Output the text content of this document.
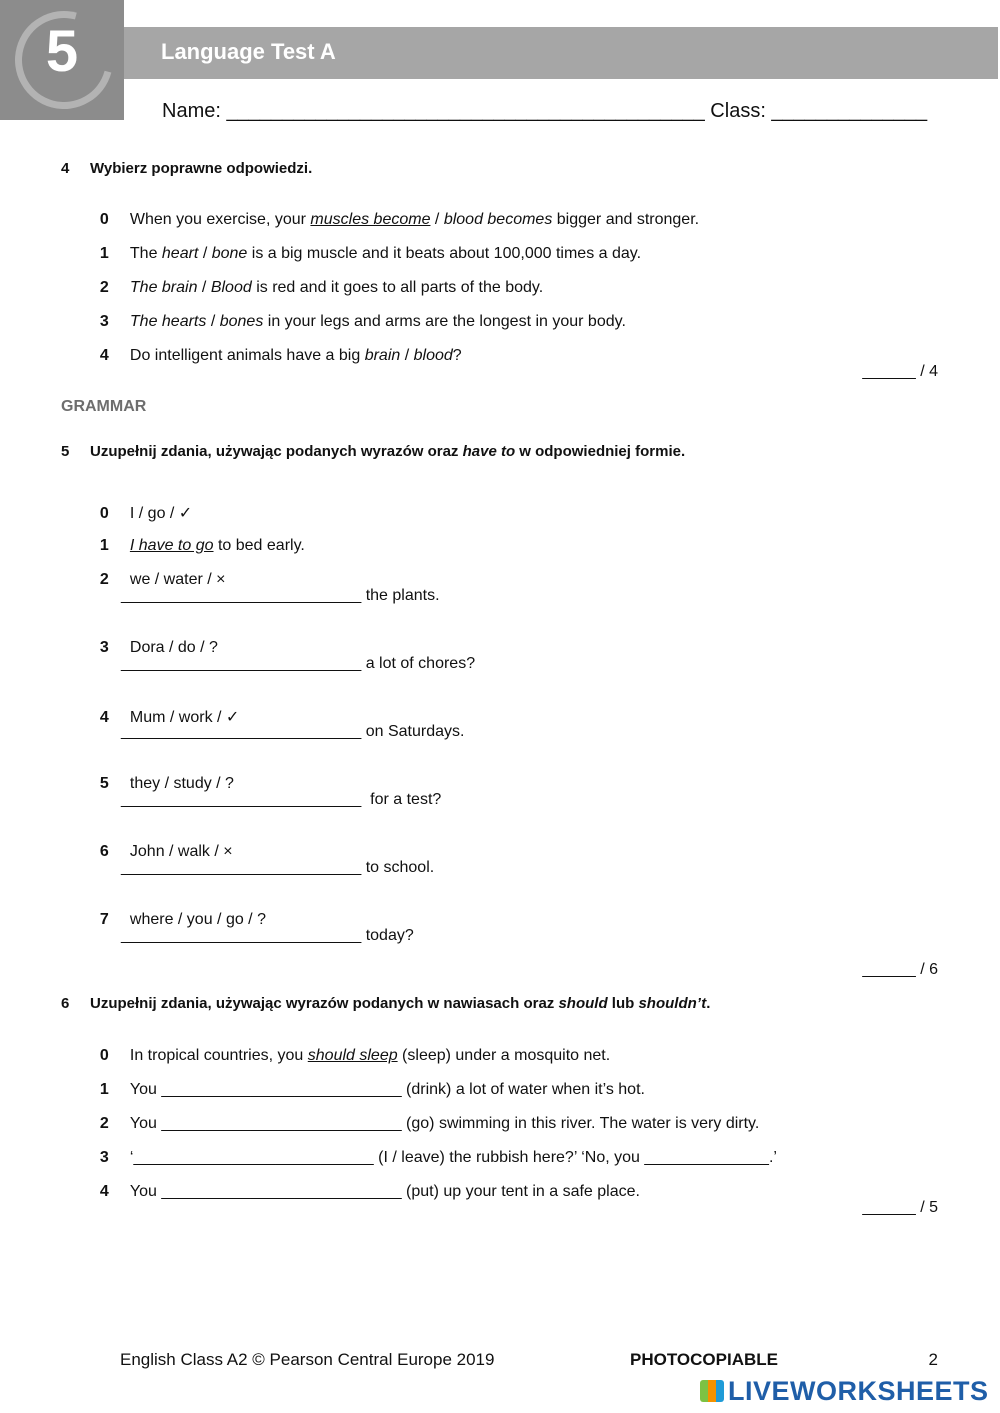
5	Language Test A
Name: ___________________________________________ Class: ______________
4 Wybierz poprawne odpowiedzi.

0 When you exercise, your muscles become / blood becomes bigger and stronger.

1 The heart / bone is a big muscle and it beats about 100,000 times a day.

2 The brain / Blood is red and it goes to all parts of the body.

3 The hearts / bones in your legs and arms are the longest in your body.

4 Do intelligent animals have a big brain / blood?

______ / 4
GRAMMAR
5 Uzupełnij zdania, używając podanych wyrazów oraz have to w odpowiedniej formie.

0 I / go / ✓

1 I have to go to bed early.

2 we / water / ×

___________________________ the plants.

3 Dora / do / ?

___________________________ a lot of chores?

4 Mum / work / ✓

___________________________ on Saturdays.

5 they / study / ?

___________________________  for a test?

6 John / walk / ×

___________________________ to school.

7 where / you / go / ?

___________________________ today?
______ / 6
6 Uzupełnij zdania, używając wyrazów podanych w nawiasach oraz should lub shouldn’t.

0 In tropical countries, you should sleep (sleep) under a mosquito net.

1 You ___________________________ (drink) a lot of water when it’s hot.

2 You ___________________________ (go) swimming in this river. The water is very dirty.

3 ‘___________________________ (I / leave) the rubbish here?’ ‘No, you ______________.’

4 You ___________________________ (put) up your tent in a safe place.

______ / 5
English Class A2 © Pearson Central Europe 2019	PHOTOCOPIABLE	2
LIVEWORKSHEETS
